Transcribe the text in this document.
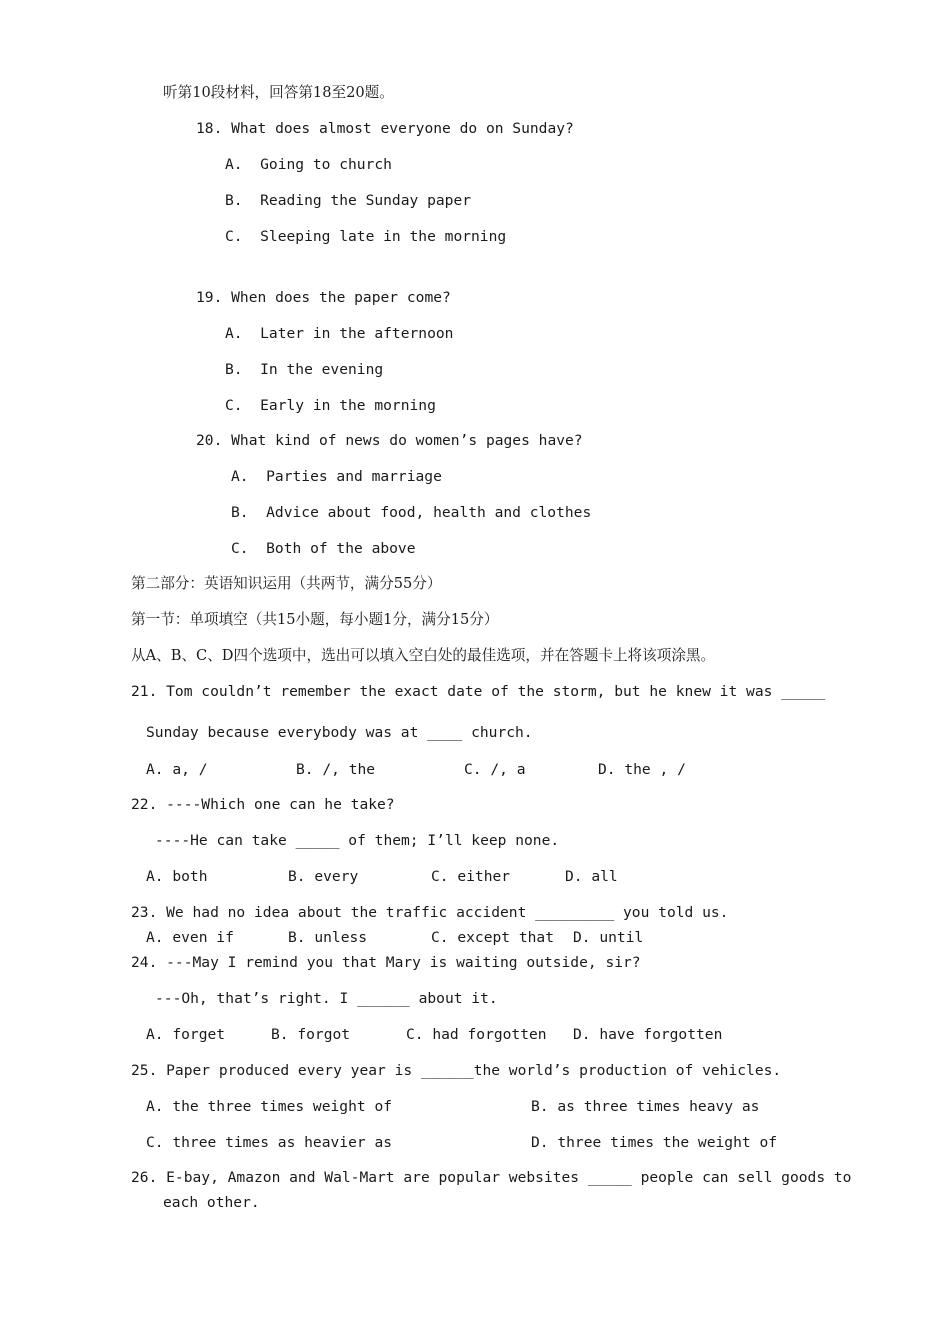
听第10段材料，回答第18至20题。
18. What does almost everyone do on Sunday?
A.  Going to church
B.  Reading the Sunday paper
C.  Sleeping late in the morning
19. When does the paper come?
A.  Later in the afternoon
B.  In the evening
C.  Early in the morning
20. What kind of news do women’s pages have?
A.  Parties and marriage
B.  Advice about food, health and clothes
C.  Both of the above
第二部分：英语知识运用（共两节，满分55分）
第一节：单项填空（共15小题，每小题1分，满分15分）
从A、B、C、D四个选项中，选出可以填入空白处的最佳选项，并在答题卡上将该项涂黑。
21. Tom couldn’t remember the exact date of the storm, but he knew it was _____
Sunday because everybody was at ____ church.
A. a, /	B. /, the	C. /, a	D. the , /
22. ----Which one can he take?
----He can take _____ of them; I’ll keep none.
A. both	B. every	C. either	D. all
23. We had no idea about the traffic accident _________ you told us.
A. even if	B. unless	C. except that D. until
24. ---May I remind you that Mary is waiting outside, sir?
---Oh, that’s right. I ______ about it.
A. forget	B. forgot	C. had forgotten D. have forgotten
25. Paper produced every year is ______the world’s production of vehicles.
A. the three times weight of	B. as three times heavy as
C. three times as heavier as	D. three times the weight of
26. E-bay, Amazon and Wal-Mart are popular websites _____ people can sell goods to
each other.
